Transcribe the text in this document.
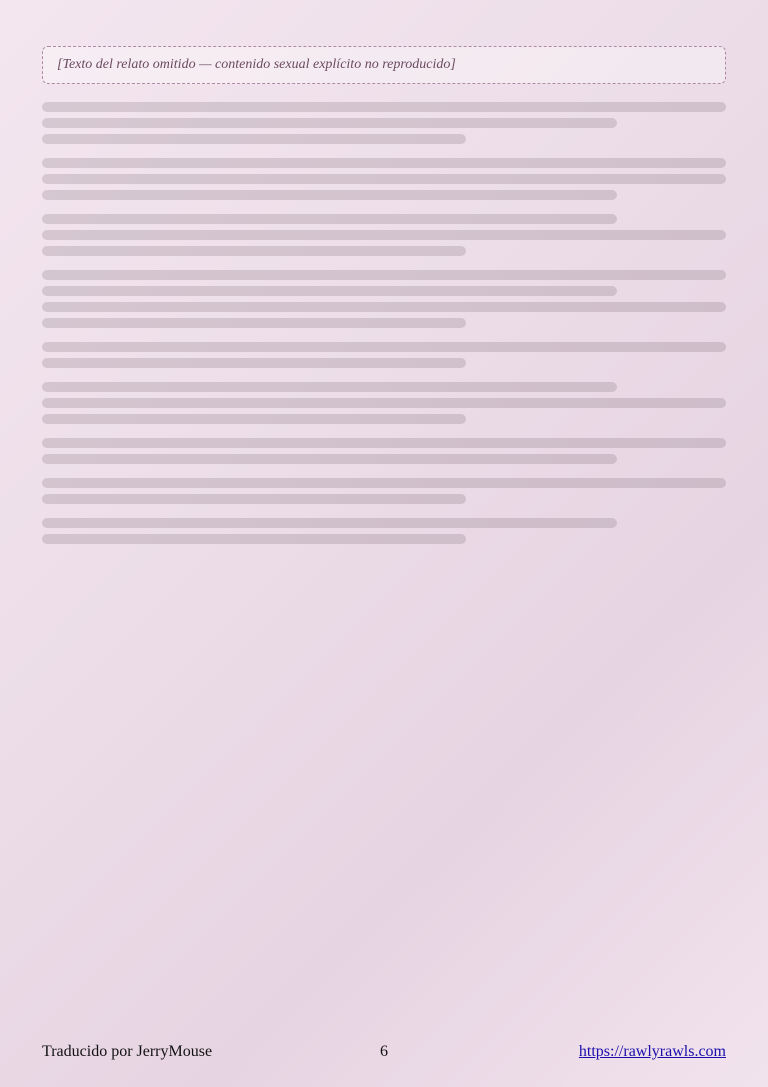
[Texto del relato omitido — contenido sexual explícito no reproducido]
Traducido por JerryMouse	6	https://rawlyrawls.com
